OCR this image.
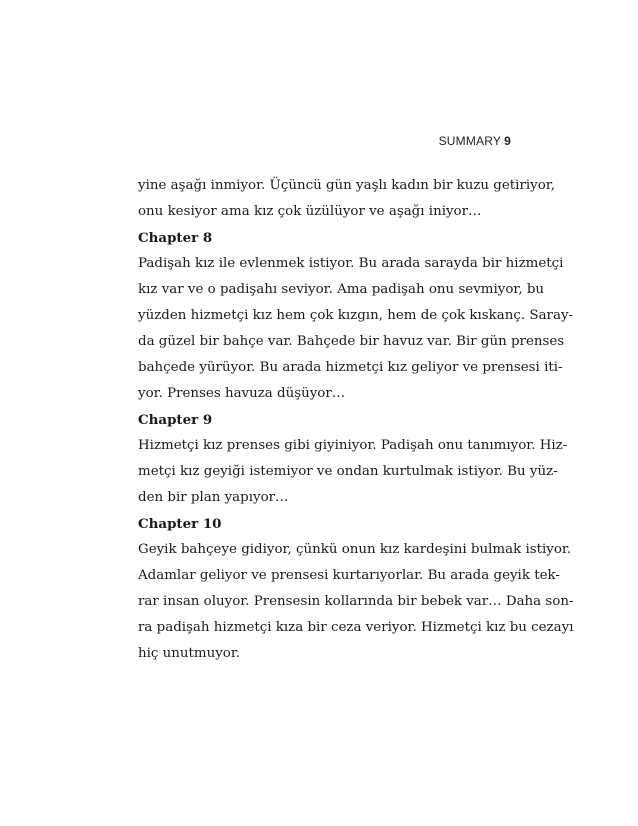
SUMMARY 9
yine aşağı inmiyor. Üçüncü gün yaşlı kadın bir kuzu getiriyor,
onu kesiyor ama kız çok üzülüyor ve aşağı iniyor…
Chapter 8
Padişah kız ile evlenmek istiyor. Bu arada sarayda bir hizmetçi
kız var ve o padişahı seviyor. Ama padişah onu sevmiyor, bu
yüzden hizmetçi kız hem çok kızgın, hem de çok kıskanç. Saray-
da güzel bir bahçe var. Bahçede bir havuz var. Bir gün prenses
bahçede yürüyor. Bu arada hizmetçi kız geliyor ve prensesi iti-
yor. Prenses havuza düşüyor…
Chapter 9
Hizmetçi kız prenses gibi giyiniyor. Padişah onu tanımıyor. Hiz-
metçi kız geyiği istemiyor ve ondan kurtulmak istiyor. Bu yüz-
den bir plan yapıyor…
Chapter 10
Geyik bahçeye gidiyor, çünkü onun kız kardeşini bulmak istiyor.
Adamlar geliyor ve prensesi kurtarıyorlar. Bu arada geyik tek-
rar insan oluyor. Prensesin kollarında bir bebek var… Daha son-
ra padişah hizmetçi kıza bir ceza veriyor. Hizmetçi kız bu cezayı
hiç unutmuyor.
